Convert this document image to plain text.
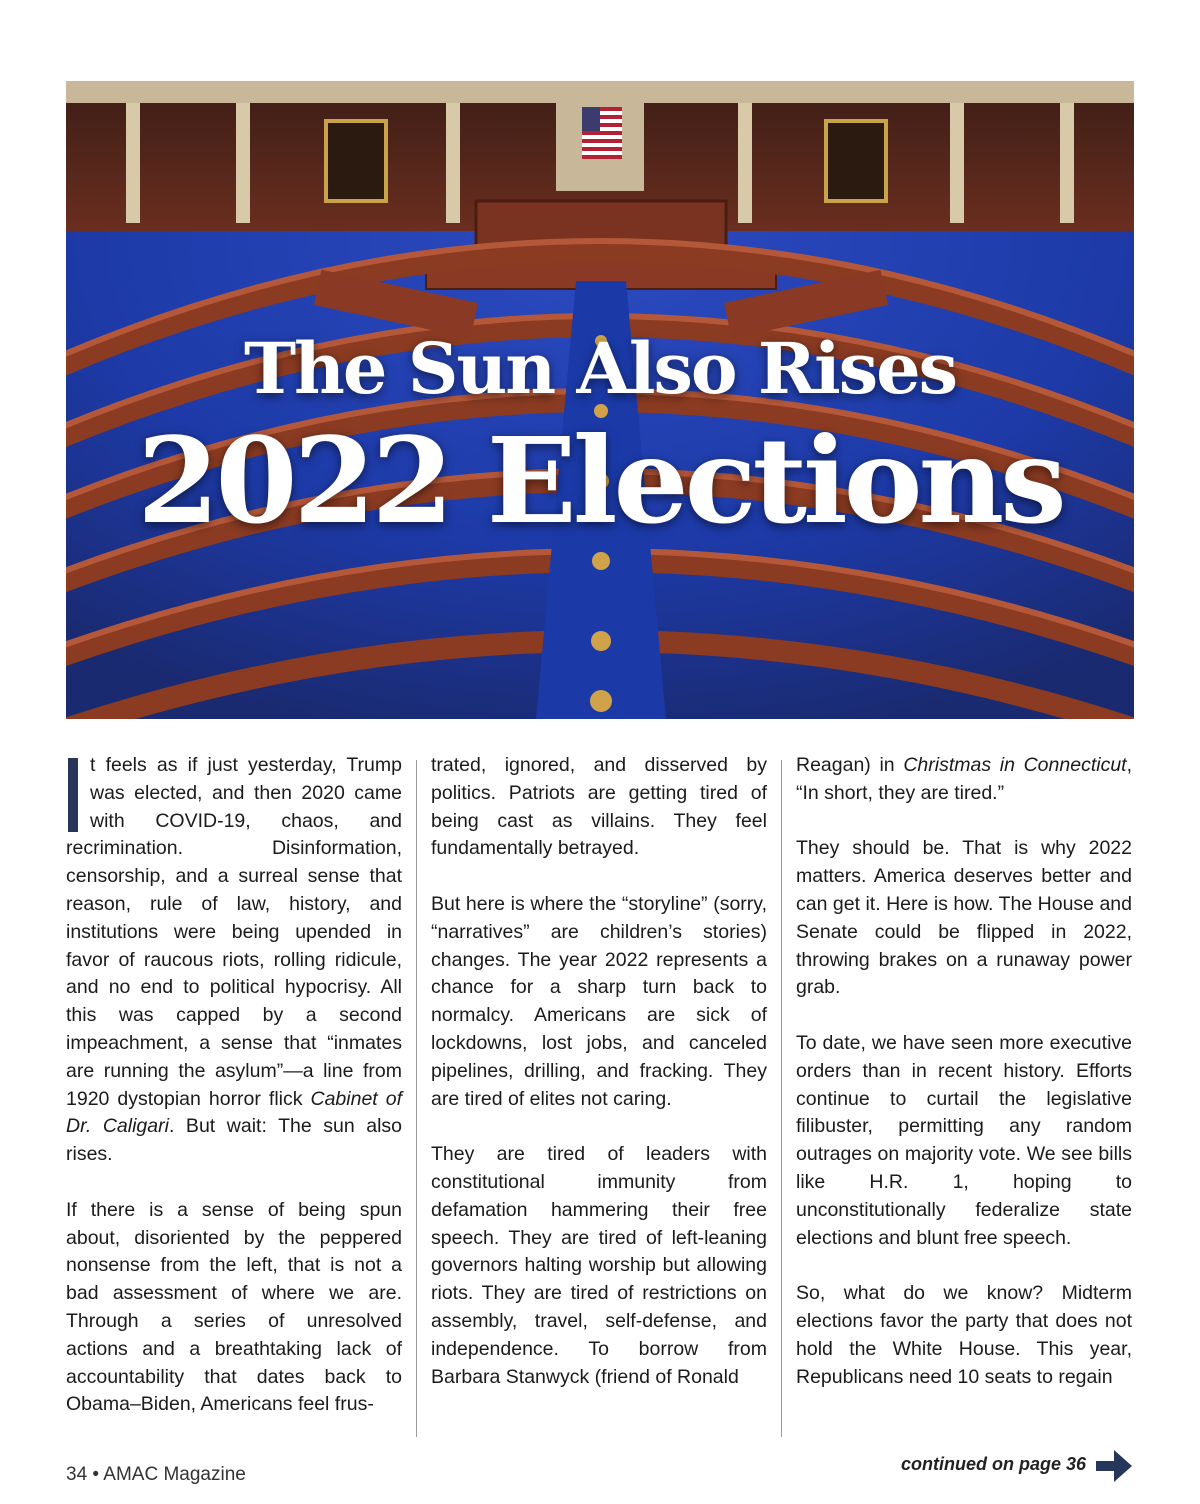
The Sun Also Rises
2022 Elections

t feels as if just yesterday, Trump was elected, and then 2020 came with COVID-19, chaos, and recrimination. Disinformation, censorship, and a surreal sense that reason, rule of law, history, and institutions were being upended in favor of raucous riots, rolling ridicule, and no end to political hypocrisy. All this was capped by a second impeachment, a sense that “inmates are running the asylum”—a line from 1920 dystopian horror flick Cabinet of Dr. Caligari. But wait: The sun also rises.

If there is a sense of being spun about, disoriented by the peppered nonsense from the left, that is not a bad assessment of where we are. Through a series of unresolved actions and a breathtaking lack of accountability that dates back to Obama–Biden, Americans feel frus-

trated, ignored, and disserved by politics. Patriots are getting tired of being cast as villains. They feel fundamentally betrayed.

But here is where the “storyline” (sorry, “narratives” are children’s stories) changes. The year 2022 represents a chance for a sharp turn back to normalcy. Americans are sick of lockdowns, lost jobs, and canceled pipelines, drilling, and fracking. They are tired of elites not caring.

They are tired of leaders with constitutional immunity from defamation hammering their free speech. They are tired of left-leaning governors halting worship but allowing riots. They are tired of restrictions on assembly, travel, self-defense, and independence. To borrow from Barbara Stanwyck (friend of Ronald

Reagan) in Christmas in Connecticut, “In short, they are tired.”

They should be. That is why 2022 matters. America deserves better and can get it. Here is how. The House and Senate could be flipped in 2022, throwing brakes on a runaway power grab.

To date, we have seen more executive orders than in recent history. Efforts continue to curtail the legislative filibuster, permitting any random outrages on majority vote. We see bills like H.R. 1, hoping to unconstitutionally federalize state elections and blunt free speech.

So, what do we know? Midterm elections favor the party that does not hold the White House. This year, Republicans need 10 seats to regain

34 • AMAC Magazine	continued on page 36
